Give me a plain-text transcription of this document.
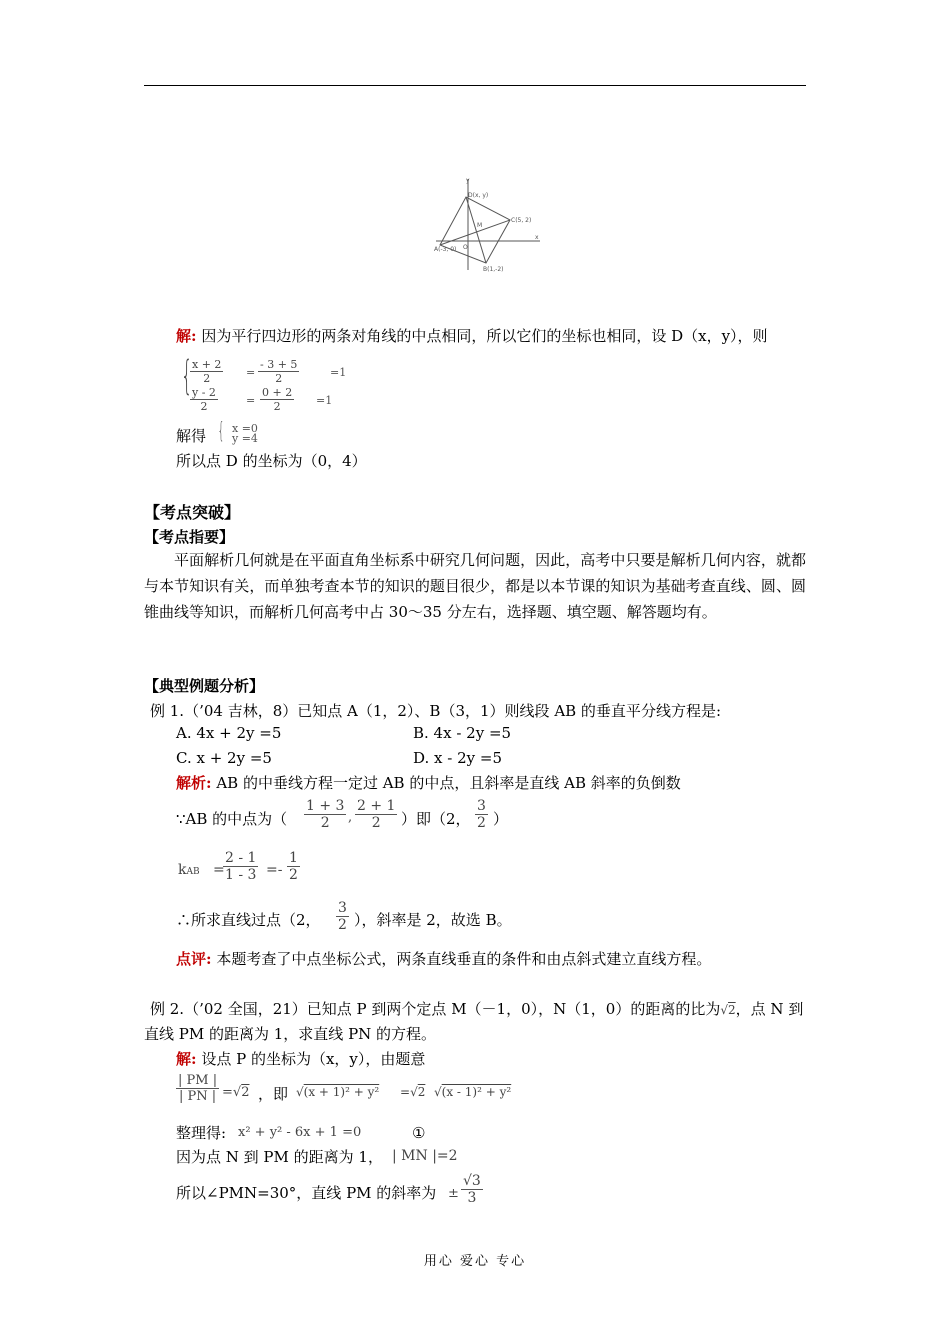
y
x
D(x, y)
M
C(5, 2)
O
A(-3, 0)
B(1,-2)
解: 因为平行四边形的两条对角线的中点相同，所以它们的坐标也相同，设 D（x，y），则
{
$\frac{x + 2}{2} = \frac{- 3 + 5}{2}$	=1
$\frac{y - 2}{2}$	= $\frac{0 + 2}{2} =1$
解得 { x =0
y =4
所以点 D 的坐标为（0，4）
【考点突破】
【考点指要】
平面解析几何就是在平面直角坐标系中研究几何问题，因此，高考中只要是解析几何内容，就都与本节知识有关，而单独考查本节的知识的题目很少，都是以本节课的知识为基础考查直线、圆、圆锥曲线等知识，而解析几何高考中占 30～35 分左右，选择题、填空题、解答题均有。
【典型例题分析】
例 1.（’04 吉林，8）已知点 A（1，2）、B（3，1）则线段 AB 的垂直平分线方程是:
A. 4x + 2y =5	B. 4x - 2y =5
C. x + 2y =5	D. x - 2y =5
解析: AB 的中垂线方程一定过 AB 的中点，且斜率是直线 AB 斜率的负倒数
∵AB 的中点为（ $\frac{1 + 3}{2}$ , $\frac{2 + 1}{2}$ ）即（2， $\frac{3}{2}$ ）
kAB =
$\frac{2 - 1}{1 - 3} =- \frac{1}{2}$
∴所求直线过点（2， $\frac{3}{2}$ ），斜率是 2，故选 B。
点评: 本题考查了中点坐标公式，两条直线垂直的条件和由点斜式建立直线方程。
例 2.（’02 全国，21）已知点 P 到两个定点 M（－1，0），N（1，0）的距离的比为√2，点 N 到
直线 PM 的距离为 1，求直线 PN 的方程。
解: 设点 P 的坐标为（x，y），由题意
$\frac{| PM |}{| PN |} =√2$ ，即 √(x + 1)² + y² =√2 √(x - 1)² + y²
整理得: x² + y² - 6x + 1 =0	①
因为点 N 到 PM 的距离为 1， | MN |=2
所以∠PMN=30°，直线 PM 的斜率为 ± $\frac{√3}{3}$
用心 爱心 专心
